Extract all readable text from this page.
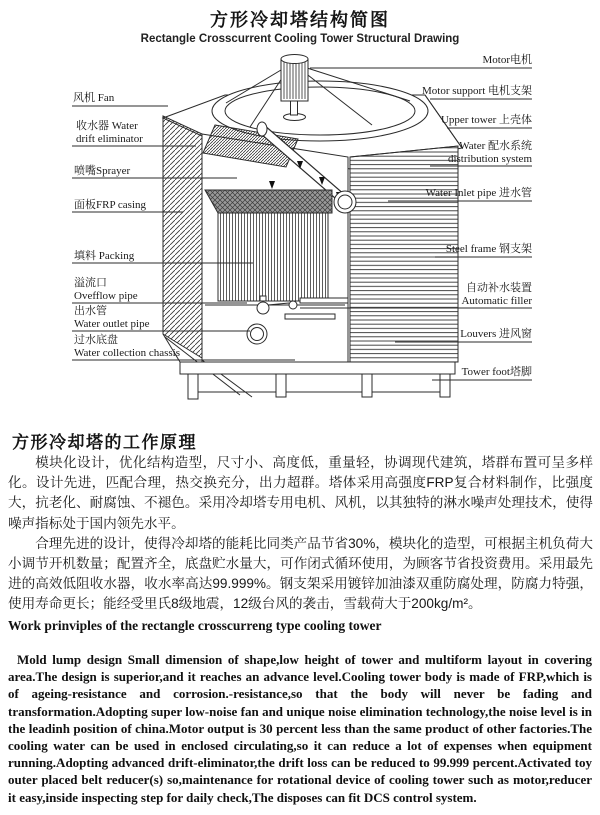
方形冷却塔结构简图
Rectangle Crosscurrent Cooling Tower Structural Drawing
风机 Fan
收水器 Water
drift eliminator
喷嘴Sprayer
面板FRP casing
填料 Packing
溢流口
Ovefflow pipe
出水管
Water outlet pipe
过水底盘
Water collection chassis
Motor电机
Motor support 电机支架
Upper tower 上壳体
Water 配水系统
distribution system
Water Inlet pipe 进水管
Steel frame 钢支架
自动补水装置
Automatic filler
Louvers 进风窗
Tower foot塔脚
方形冷却塔的工作原理

模块化设计，优化结构造型，尺寸小、高度低，重量轻，协调现代建筑，塔群布置可呈多样化。设计先进，匹配合理，热交换充分，出力超群。塔体采用高强度FRP复合材料制作，比强度大，抗老化、耐腐蚀、不褪色。采用冷却塔专用电机、风机，以其独特的淋水噪声处理技术，使得噪声指标处于国内领先水平。

合理先进的设计，使得冷却塔的能耗比同类产品节省30%，模块化的造型，可根据主机负荷大小调节开机数量；配置齐全，底盘贮水量大，可作闭式循环使用，为顾客节省投资费用。采用最先进的高效低阻收水器，收水率高达99.999%。钢支架采用镀锌加油漆双重防腐处理，防腐力特强，使用寿命更长；能经受里氏8级地震，12级台风的袭击，雪载荷大于200kg/m²。

Work prinviples of the rectangle crosscurreng type cooling tower

Mold lump design Small dimension of shape,low height of tower and multiform layout in covering area.The design is superior,and it reaches an advance level.Cooling tower body is made of FRP,which is of ageing-resistance and corrosion.-resistance,so that the body will never be fading and transformation.Adopting super low-noise fan and unique noise elimination technology,the noise level is in the leadinh position of china.Motor output is 30 percent less than the same product of other factories.The cooling water can be used in enclosed circulating,so it can reduce a lot of expenses when equipment running.Adopting advanced drift-eliminator,the drift loss can be reduced to 99.999 percent.Activated toy outer placed belt reducer(s) so,maintenance for rotational device of cooling tower such as motor,reducer it easy,inside inspecting step for daily check,The disposes can fit DCS control system.
